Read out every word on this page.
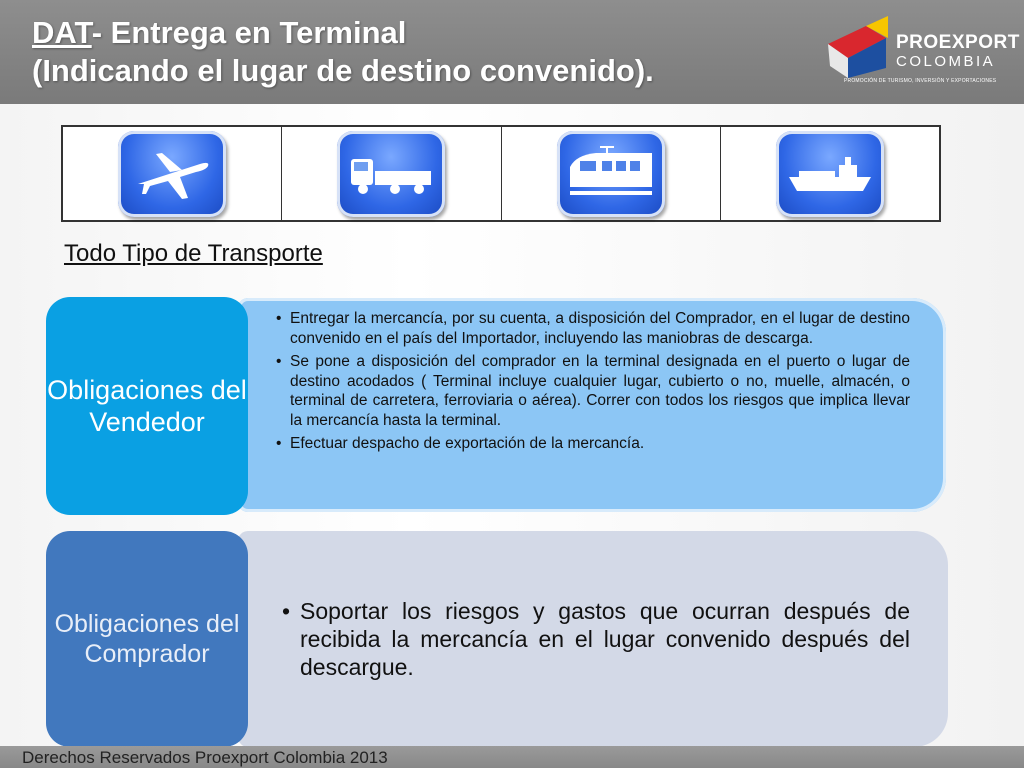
DAT- Entrega en Terminal
(Indicando el lugar de destino convenido).
PROEXPORT
COLOMBIA
PROMOCIÓN DE TURISMO, INVERSIÓN Y EXPORTACIONES
Todo Tipo de Transporte
Obligaciones del Vendedor
• Entregar la mercancía, por su cuenta, a disposición del Comprador, en el lugar de destino convenido en el país del Importador, incluyendo las maniobras de descarga.
• Se pone a disposición del comprador en la terminal designada en el puerto o lugar de destino acodados ( Terminal incluye cualquier lugar, cubierto o no, muelle, almacén, o terminal de carretera, ferroviaria o aérea). Correr con todos los riesgos que implica llevar la mercancía hasta la terminal.
• Efectuar despacho de exportación de la mercancía.
Obligaciones del Comprador
• Soportar los riesgos y gastos que ocurran después de recibida la mercancía en el lugar convenido después del descargue.
Derechos Reservados Proexport Colombia 2013
